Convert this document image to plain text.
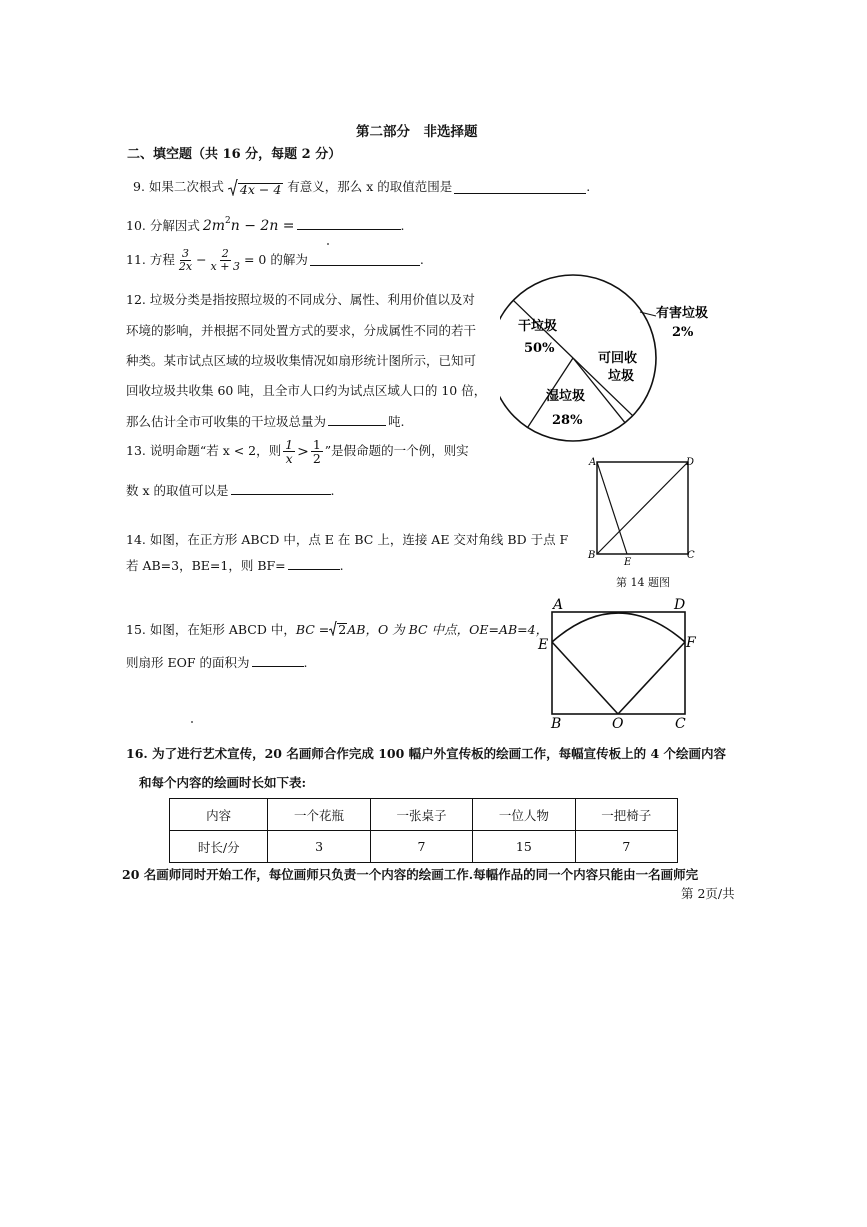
第二部分　非选择题
二、填空题（共 16 分，每题 2 分）
9. 如果二次根式 4x − 4 有意义，那么 x 的取值范围是	.
10. 分解因式 2m 2 n − 2n =	.
11. 方程 $\frac{3}{2x} - \frac{2}{x + 3} = 0$ 的解为	.
12. 垃圾分类是指按照垃圾的不同成分、属性、利用价值以及对
环境的影响，并根据不同处置方式的要求，分成属性不同的若干
种类。某市试点区域的垃圾收集情况如扇形统计图所示，已知可
回收垃圾共收集 60 吨，且全市人口约为试点区域人口的 10 倍，
那么估计全市可收集的干垃圾总量为	吨.
干垃圾
50%
湿垃圾
28%
可回收
垃圾
有害垃圾
2%
13. 说明命题“若 x < 2，则 $\frac{1}{x} > \frac{1}{2}$ ”是假命题的一个例，则实
数 x 的取值可以是	.
A	D
B
E
C
第 14 题图
14. 如图，在正方形 ABCD 中，点 E 在 BC 上，连接 AE 交对角线 BD 于点 F
若 AB=3，BE=1，则 BF=	.
15. 如图，在矩形 ABCD 中， BC = 2 AB，O 为 BC 中点，OE=AB=4，
则扇形 EOF 的面积为	.
A	D
E	F
B	O	C
16. 为了进行艺术宣传，20 名画师合作完成 100 幅户外宣传板的绘画工作，每幅宣传板上的 4 个绘画内容
和每个内容的绘画时长如下表:
内容	一个花瓶	一张桌子	一位人物	一把椅子
时长/分	3	7	15	7
20 名画师同时开始工作，每位画师只负责一个内容的绘画工作.每幅作品的同一个内容只能由一名画师完
第 2页/共
